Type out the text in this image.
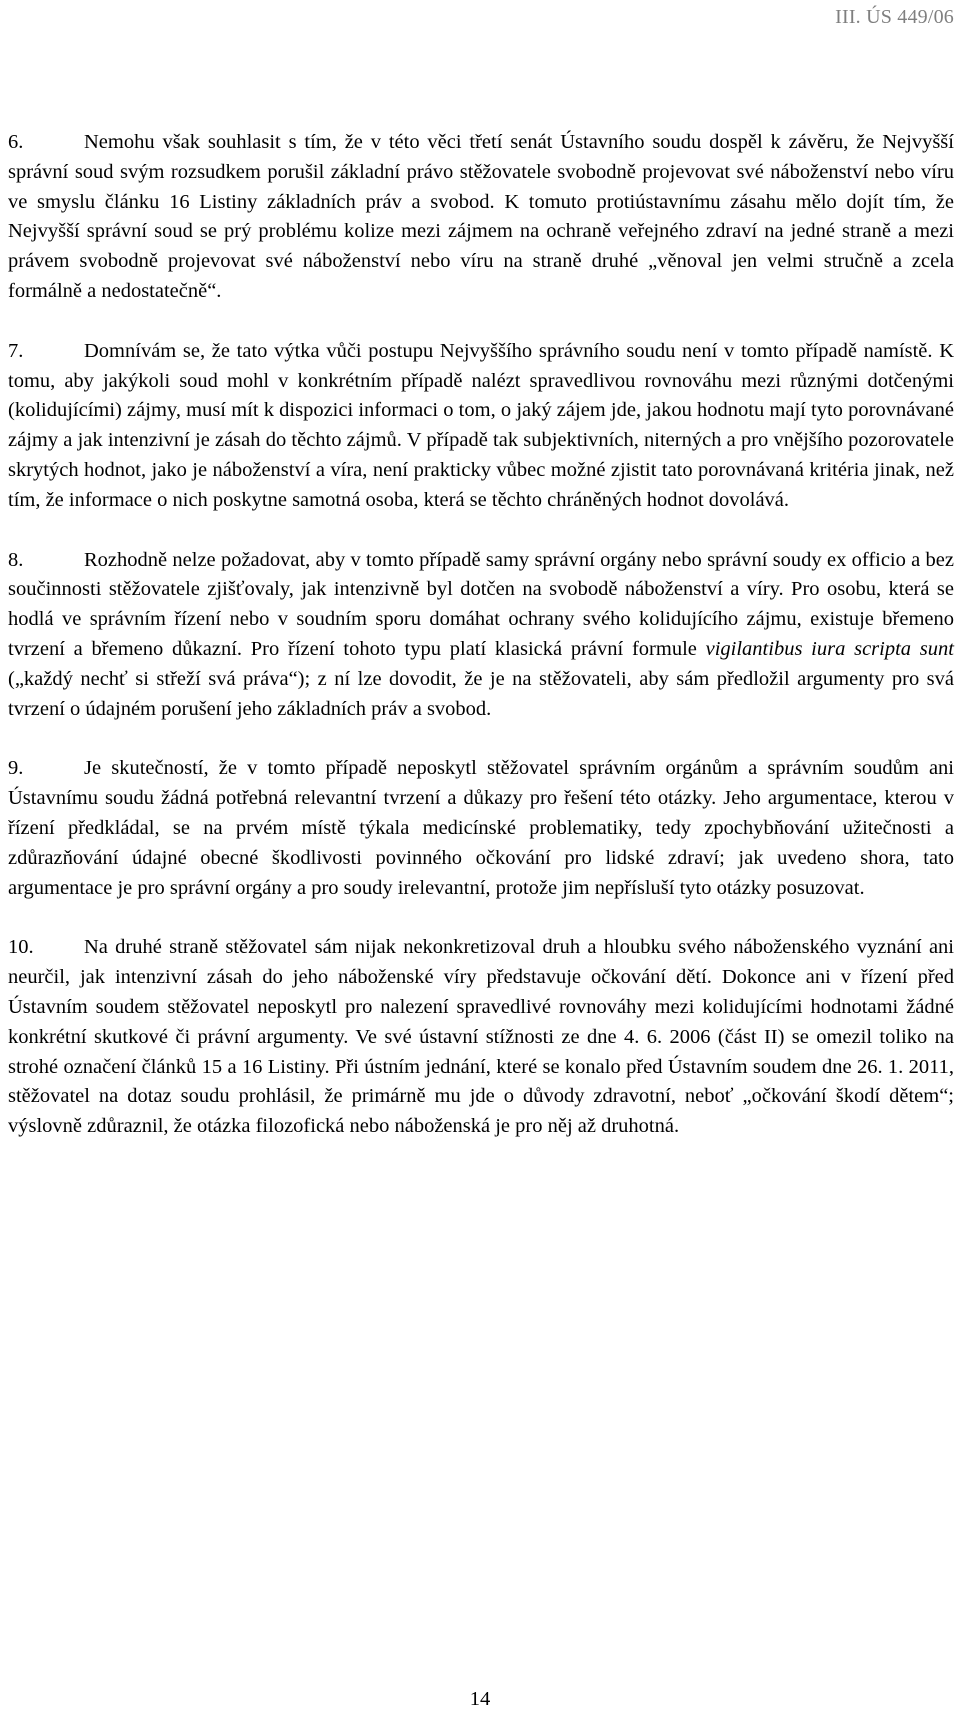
III. ÚS 449/06

6.	Nemohu však souhlasit s tím, že v této věci třetí senát Ústavního soudu dospěl k závěru, že Nejvyšší správní soud svým rozsudkem porušil základní právo stěžovatele svobodně projevovat své náboženství nebo víru ve smyslu článku 16 Listiny základních práv a svobod. K tomuto protiústavnímu zásahu mělo dojít tím, že Nejvyšší správní soud se prý problému kolize mezi zájmem na ochraně veřejného zdraví na jedné straně a mezi právem svobodně projevovat své náboženství nebo víru na straně druhé „věnoval jen velmi stručně a zcela formálně a nedostatečně“.

7.	Domnívám se, že tato výtka vůči postupu Nejvyššího správního soudu není v tomto případě namístě. K tomu, aby jakýkoli soud mohl v konkrétním případě nalézt spravedlivou rovnováhu mezi různými dotčenými (kolidujícími) zájmy, musí mít k dispozici informaci o tom, o jaký zájem jde, jakou hodnotu mají tyto porovnávané zájmy a jak intenzivní je zásah do těchto zájmů. V případě tak subjektivních, niterných a pro vnějšího pozorovatele skrytých hodnot, jako je náboženství a víra, není prakticky vůbec možné zjistit tato porovnávaná kritéria jinak, než tím, že informace o nich poskytne samotná osoba, která se těchto chráněných hodnot dovolává.

8.	Rozhodně nelze požadovat, aby v tomto případě samy správní orgány nebo správní soudy ex officio a bez součinnosti stěžovatele zjišťovaly, jak intenzivně byl dotčen na svobodě náboženství a víry. Pro osobu, která se hodlá ve správním řízení nebo v soudním sporu domáhat ochrany svého kolidujícího zájmu, existuje břemeno tvrzení a břemeno důkazní. Pro řízení tohoto typu platí klasická právní formule vigilantibus iura scripta sunt („každý nechť si střeží svá práva“); z ní lze dovodit, že je na stěžovateli, aby sám předložil argumenty pro svá tvrzení o údajném porušení jeho základních práv a svobod.

9.	Je skutečností, že v tomto případě neposkytl stěžovatel správním orgánům a správním soudům ani Ústavnímu soudu žádná potřebná relevantní tvrzení a důkazy pro řešení této otázky. Jeho argumentace, kterou v řízení předkládal, se na prvém místě týkala medicínské problematiky, tedy zpochybňování užitečnosti a zdůrazňování údajné obecné škodlivosti povinného očkování pro lidské zdraví; jak uvedeno shora, tato argumentace je pro správní orgány a pro soudy irelevantní, protože jim nepřísluší tyto otázky posuzovat.

10. Na druhé straně stěžovatel sám nijak nekonkretizoval druh a hloubku svého náboženského vyznání ani neurčil, jak intenzivní zásah do jeho náboženské víry představuje očkování dětí. Dokonce ani v řízení před Ústavním soudem stěžovatel neposkytl pro nalezení spravedlivé rovnováhy mezi kolidujícími hodnotami žádné konkrétní skutkové či právní argumenty. Ve své ústavní stížnosti ze dne 4. 6. 2006 (část II) se omezil toliko na strohé označení článků 15 a 16 Listiny. Při ústním jednání, které se konalo před Ústavním soudem dne 26. 1. 2011, stěžovatel na dotaz soudu prohlásil, že primárně mu jde o důvody zdravotní, neboť „očkování škodí dětem“; výslovně zdůraznil, že otázka filozofická nebo náboženská je pro něj až druhotná.

14
